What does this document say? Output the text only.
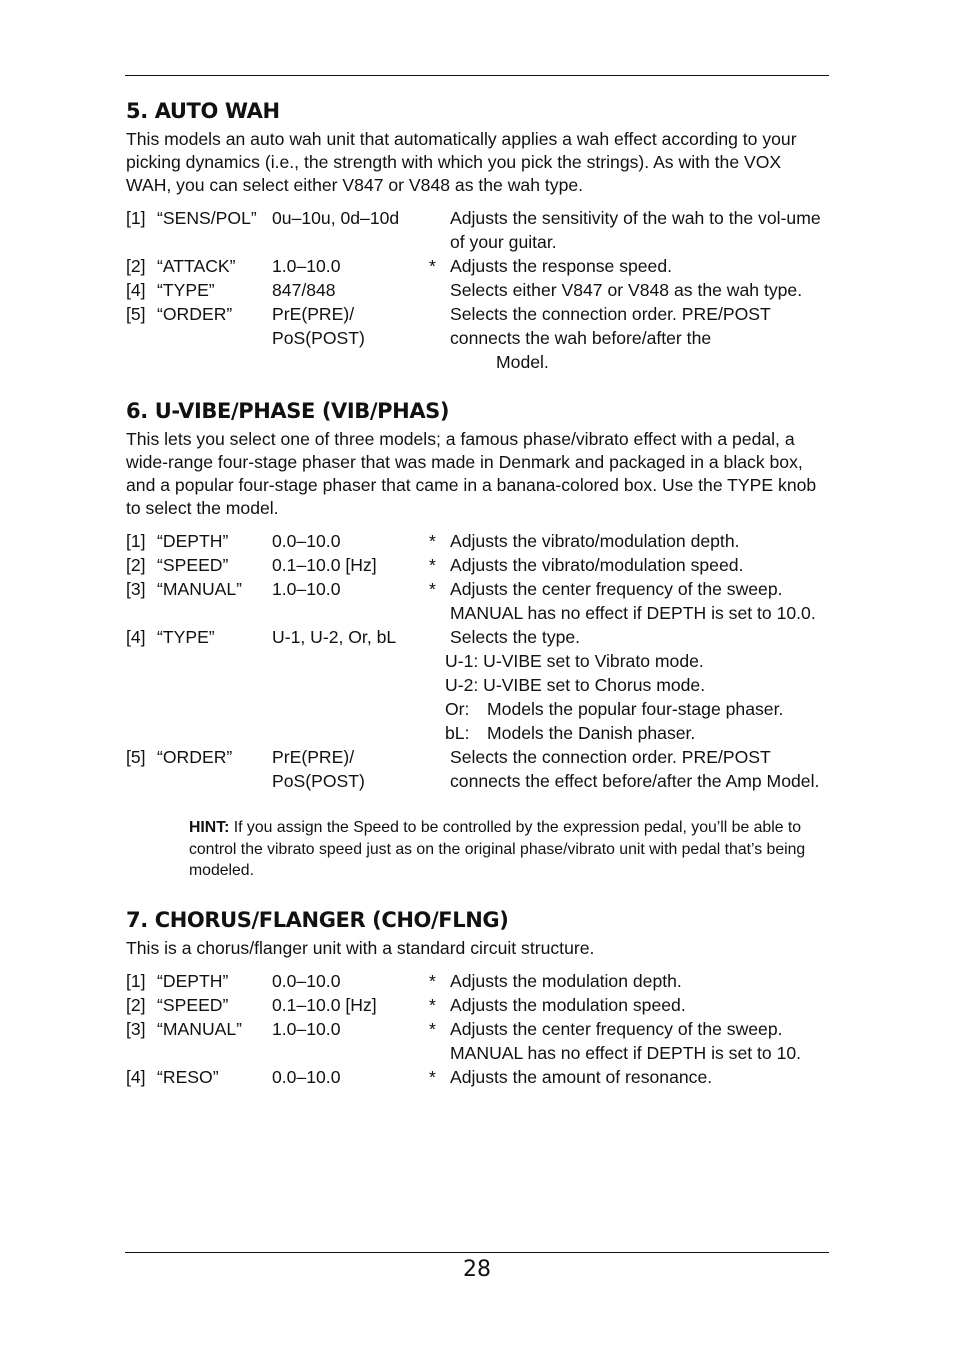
5. AUTO WAH

This models an auto wah unit that automatically applies a wah effect according to your picking dynamics (i.e., the strength with which you pick the strings). As with the VOX WAH, you can select either V847 or V848 as the wah type.

[1]	“SENS/POL”	0u–10u, 0d–10d		Adjusts the sensitivity of the wah to the vol-ume of your guitar.
[2]	“ATTACK”	1.0–10.0	*	Adjusts the response speed.
[4]	“TYPE”	847/848		Selects either V847 or V848 as the wah type.
[5]	“ORDER”	PrE(PRE)/
PoS(POST)		Selects the connection order. PRE/POST connects the wah before/after the
Model.
6. U-VIBE/PHASE (VIB/PHAS)

This lets you select one of three models; a famous phase/vibrato effect with a pedal, a wide-range four-stage phaser that was made in Denmark and packaged in a black box, and a popular four-stage phaser that came in a banana-colored box. Use the TYPE knob to select the model.

[1]	“DEPTH”	0.0–10.0	*	Adjusts the vibrato/modulation depth.
[2]	“SPEED”	0.1–10.0 [Hz]	*	Adjusts the vibrato/modulation speed.
[3]	“MANUAL”	1.0–10.0	*	Adjusts the center frequency of the sweep. MANUAL has no effect if DEPTH is set to 10.0.
[4]	“TYPE”	U-1, U-2, Or, bL		Selects the type.
U-1: U-VIBE set to Vibrato mode.
U-2: U-VIBE set to Chorus mode.
Or: Models the popular four-stage phaser.
bL: Models the Danish phaser.

[5]	“ORDER”	PrE(PRE)/
PoS(POST)		Selects the connection order. PRE/POST connects the effect before/after the Amp Model.

HINT: If you assign the Speed to be controlled by the expression pedal, you’ll be able to control the vibrato speed just as on the original phase/vibrato unit with pedal that’s being modeled.

7. CHORUS/FLANGER (CHO/FLNG)

This is a chorus/flanger unit with a standard circuit structure.

[1]	“DEPTH”	0.0–10.0	*	Adjusts the modulation depth.
[2]	“SPEED”	0.1–10.0 [Hz]	*	Adjusts the modulation speed.
[3]	“MANUAL”	1.0–10.0	*	Adjusts the center frequency of the sweep. MANUAL has no effect if DEPTH is set to 10.
[4]	“RESO”	0.0–10.0	*	Adjusts the amount of resonance.
28
